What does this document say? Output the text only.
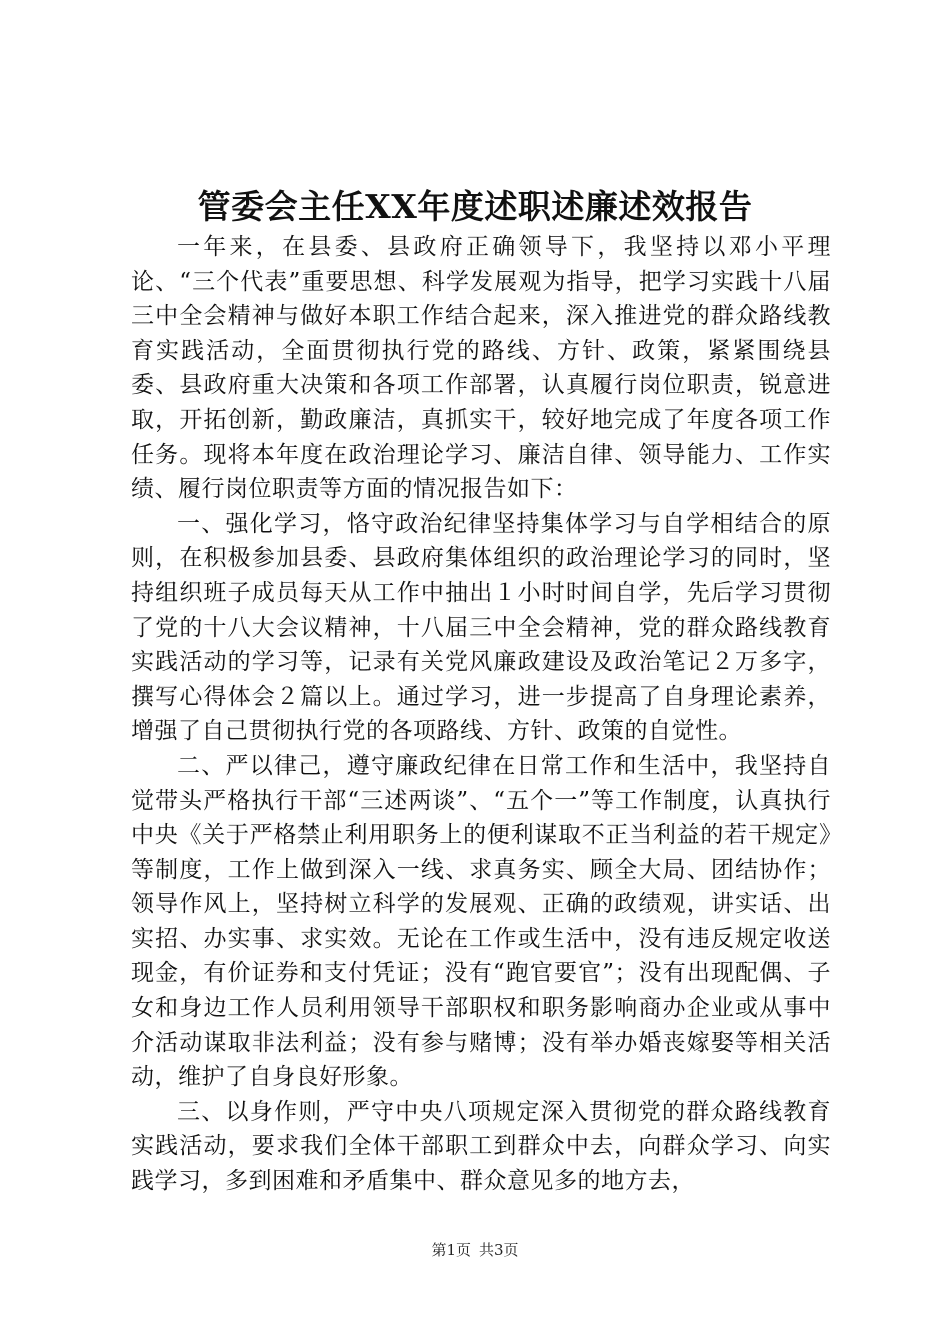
管委会主任XX年度述职述廉述效报告

一年来，在县委、县政府正确领导下，我坚持以邓小平理论、“三个代表”重要思想、科学发展观为指导，把学习实践十八届三中全会精神与做好本职工作结合起来，深入推进党的群众路线教育实践活动，全面贯彻执行党的路线、方针、政策，紧紧围绕县委、县政府重大决策和各项工作部署，认真履行岗位职责，锐意进取，开拓创新，勤政廉洁，真抓实干，较好地完成了年度各项工作任务。现将本年度在政治理论学习、廉洁自律、领导能力、工作实绩、履行岗位职责等方面的情况报告如下：

一、强化学习，恪守政治纪律坚持集体学习与自学相结合的原则，在积极参加县委、县政府集体组织的政治理论学习的同时，坚持组织班子成员每天从工作中抽出１小时时间自学，先后学习贯彻了党的十八大会议精神，十八届三中全会精神，党的群众路线教育实践活动的学习等，记录有关党风廉政建设及政治笔记２万多字，撰写心得体会２篇以上。通过学习，进一步提高了自身理论素养，增强了自己贯彻执行党的各项路线、方针、政策的自觉性。

二、严以律己，遵守廉政纪律在日常工作和生活中，我坚持自觉带头严格执行干部“三述两谈”、“五个一”等工作制度，认真执行中央《关于严格禁止利用职务上的便利谋取不正当利益的若干规定》等制度，工作上做到深入一线、求真务实、顾全大局、团结协作；领导作风上，坚持树立科学的发展观、正确的政绩观，讲实话、出实招、办实事、求实效。无论在工作或生活中，没有违反规定收送现金，有价证券和支付凭证；没有“跑官要官”；没有出现配偶、子女和身边工作人员利用领导干部职权和职务影响商办企业或从事中介活动谋取非法利益；没有参与赌博；没有举办婚丧嫁娶等相关活动，维护了自身良好形象。

三、以身作则，严守中央八项规定深入贯彻党的群众路线教育实践活动，要求我们全体干部职工到群众中去，向群众学习、向实践学习，多到困难和矛盾集中、群众意见多的地方去，

第1页 共3页
